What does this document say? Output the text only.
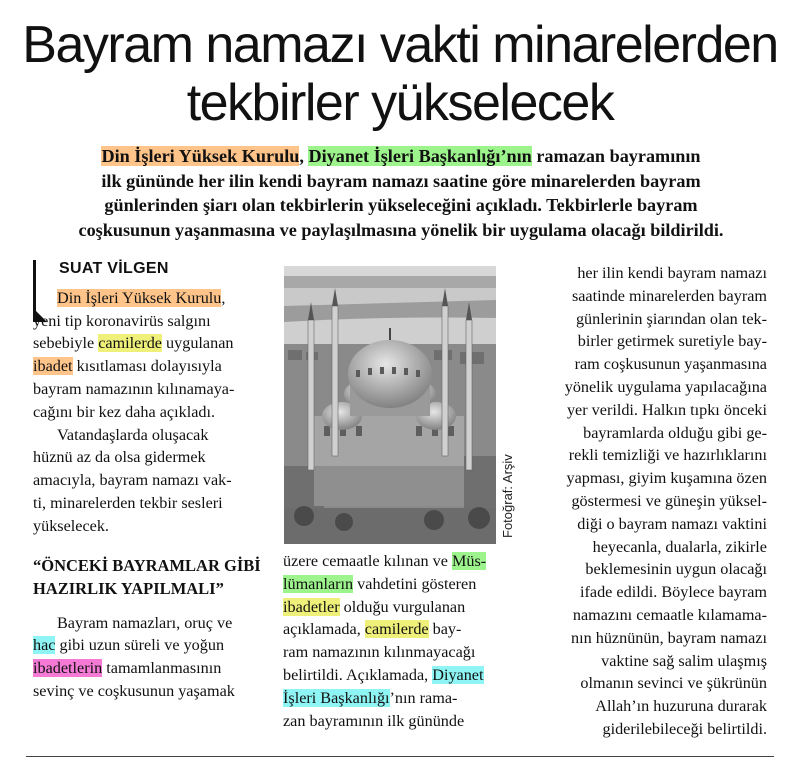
Bayram namazı vakti minarelerden
tekbirler yükselecek
Din İşleri Yüksek Kurulu, Diyanet İşleri Başkanlığı’nın ramazan bayramının
ilk gününde her ilin kendi bayram namazı saatine göre minarelerden bayram
günlerinden şiarı olan tekbirlerin yükseleceğini açıkladı. Tekbirlerle bayram
coşkusunun yaşanmasına ve paylaşılmasına yönelik bir uygulama olacağı bildirildi.
SUAT VİLGEN
Din İşleri Yüksek Kurulu,
yeni tip koronavirüs salgını
sebebiyle camilerde uygulanan
ibadet kısıtlaması dolayısıyla
bayram namazının kılınamaya-
cağını bir kez daha açıkladı.
Vatandaşlarda oluşacak
hüznü az da olsa gidermek
amacıyla, bayram namazı vak-
ti, minarelerden tekbir sesleri
yükselecek.
“ÖNCEKİ BAYRAMLAR GİBİ
HAZIRLIK YAPILMALI”
Bayram namazları, oruç ve
hac gibi uzun süreli ve yoğun
ibadetlerin tamamlanmasının
sevinç ve coşkusunun yaşamak
Fotoğraf: Arşiv
üzere cemaatle kılınan ve Müs-
lümanların vahdetini gösteren
ibadetler olduğu vurgulanan
açıklamada, camilerde bay-
ram namazının kılınmayacağı
belirtildi. Açıklamada, Diyanet
İşleri Başkanlığı’nın rama-
zan bayramının ilk gününde
her ilin kendi bayram namazı
saatinde minarelerden bayram
günlerinin şiarından olan tek-
birler getirmek suretiyle bay-
ram coşkusunun yaşanmasına
yönelik uygulama yapılacağına
yer verildi. Halkın tıpkı önceki
bayramlarda olduğu gibi ge-
rekli temizliği ve hazırlıklarını
yapması, giyim kuşamına özen
göstermesi ve güneşin yüksel-
diği o bayram namazı vaktini
heyecanla, dualarla, zikirle
beklemesinin uygun olacağı
ifade edildi. Böylece bayram
namazını cemaatle kılamama-
nın hüznünün, bayram namazı
vaktine sağ salim ulaşmış
olmanın sevinci ve şükrünün
Allah’ın huzuruna durarak
giderilebileceği belirtildi.
